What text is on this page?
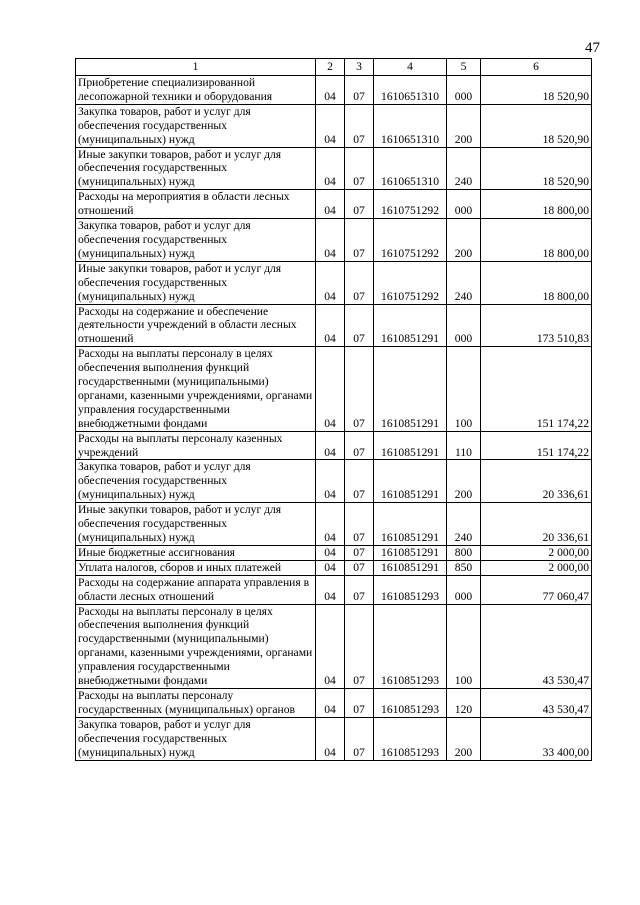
47
1	2	3	4	5	6
Приобретение специализированной лесопожарной техники и оборудования	04	07	1610651310	000	18 520,90
Закупка товаров, работ и услуг для обеспечения государственных (муниципальных) нужд	04	07	1610651310	200	18 520,90
Иные закупки товаров, работ и услуг для обеспечения государственных (муниципальных) нужд	04	07	1610651310	240	18 520,90
Расходы на мероприятия в области лесных отношений	04	07	1610751292	000	18 800,00
Закупка товаров, работ и услуг для обеспечения государственных (муниципальных) нужд	04	07	1610751292	200	18 800,00
Иные закупки товаров, работ и услуг для обеспечения государственных (муниципальных) нужд	04	07	1610751292	240	18 800,00
Расходы на содержание и обеспечение деятельности учреждений в области лесных отношений	04	07	1610851291	000	173 510,83
Расходы на выплаты персоналу в целях обеспечения выполнения функций государственными (муниципальными) органами, казенными учреждениями, органами управления государственными внебюджетными фондами	04	07	1610851291	100	151 174,22
Расходы на выплаты персоналу казенных учреждений	04	07	1610851291	110	151 174,22
Закупка товаров, работ и услуг для обеспечения государственных (муниципальных) нужд	04	07	1610851291	200	20 336,61
Иные закупки товаров, работ и услуг для обеспечения государственных (муниципальных) нужд	04	07	1610851291	240	20 336,61
Иные бюджетные ассигнования	04	07	1610851291	800	2 000,00
Уплата налогов, сборов и иных платежей	04	07	1610851291	850	2 000,00
Расходы на содержание аппарата управления в области лесных отношений	04	07	1610851293	000	77 060,47
Расходы на выплаты персоналу в целях обеспечения выполнения функций государственными (муниципальными) органами, казенными учреждениями, органами управления государственными внебюджетными фондами	04	07	1610851293	100	43 530,47
Расходы на выплаты персоналу государственных (муниципальных) органов	04	07	1610851293	120	43 530,47
Закупка товаров, работ и услуг для обеспечения государственных (муниципальных) нужд	04	07	1610851293	200	33 400,00
